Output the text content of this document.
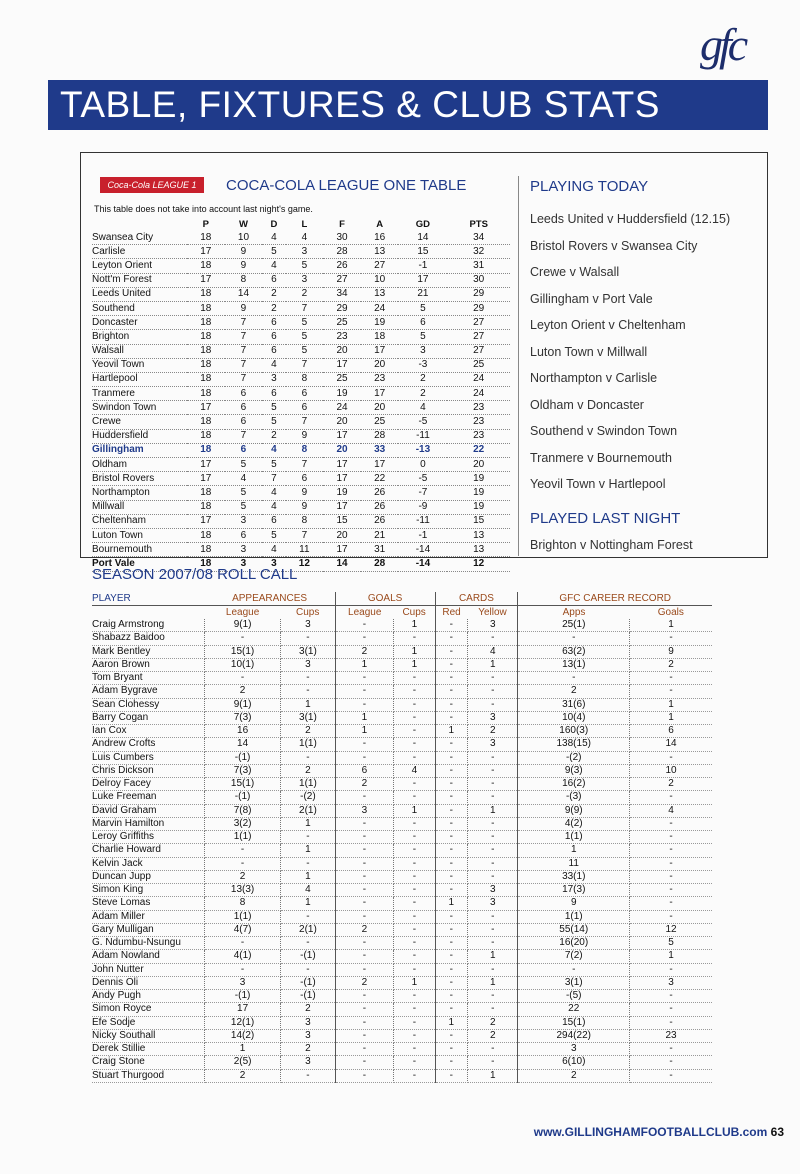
gfc
TABLE, FIXTURES & CLUB STATS
Coca-Cola LEAGUE 1	COCA-COLA LEAGUE ONE TABLE
This table does not take into account last night's game.
	P	W	D	L	F	A	GD	PTS
Swansea City	18	10	4	4	30	16	14	34
Carlisle	17	9	5	3	28	13	15	32
Leyton Orient	18	9	4	5	26	27	-1	31
Nott'm Forest	17	8	6	3	27	10	17	30
Leeds United	18	14	2	2	34	13	21	29
Southend	18	9	2	7	29	24	5	29
Doncaster	18	7	6	5	25	19	6	27
Brighton	18	7	6	5	23	18	5	27
Walsall	18	7	6	5	20	17	3	27
Yeovil Town	18	7	4	7	17	20	-3	25
Hartlepool	18	7	3	8	25	23	2	24
Tranmere	18	6	6	6	19	17	2	24
Swindon Town	17	6	5	6	24	20	4	23
Crewe	18	6	5	7	20	25	-5	23
Huddersfield	18	7	2	9	17	28	-11	23
Gillingham	18	6	4	8	20	33	-13	22
Oldham	17	5	5	7	17	17	0	20
Bristol Rovers	17	4	7	6	17	22	-5	19
Northampton	18	5	4	9	19	26	-7	19
Millwall	18	5	4	9	17	26	-9	19
Cheltenham	17	3	6	8	15	26	-11	15
Luton Town	18	6	5	7	20	21	-1	13
Bournemouth	18	3	4	11	17	31	-14	13
Port Vale	18	3	3	12	14	28	-14	12
PLAYING TODAY
Leeds United v Huddersfield (12.15)
Bristol Rovers v Swansea City
Crewe v Walsall
Gillingham v Port Vale
Leyton Orient v Cheltenham
Luton Town v Millwall
Northampton v Carlisle
Oldham v Doncaster
Southend v Swindon Town
Tranmere v Bournemouth
Yeovil Town v Hartlepool
PLAYED LAST NIGHT
Brighton v Nottingham Forest
SEASON 2007/08 ROLL CALL
PLAYER	APPEARANCES		GOALS		CARDS		GFC CAREER RECORD	
	League	Cups	League	Cups	Red	Yellow	Apps	Goals
Craig Armstrong	9(1)	3	-	1	-	3	25(1)	1
Shabazz Baidoo	-	-	-	-	-	-	-	-
Mark Bentley	15(1)	3(1)	2	1	-	4	63(2)	9
Aaron Brown	10(1)	3	1	1	-	1	13(1)	2
Tom Bryant	-	-	-	-	-	-	-	-
Adam Bygrave	2	-	-	-	-	-	2	-
Sean Clohessy	9(1)	1	-	-	-	-	31(6)	1
Barry Cogan	7(3)	3(1)	1	-	-	3	10(4)	1
Ian Cox	16	2	1	-	1	2	160(3)	6
Andrew Crofts	14	1(1)	-	-	-	3	138(15)	14
Luis Cumbers	-(1)	-	-	-	-	-	-(2)	-
Chris Dickson	7(3)	2	6	4	-	-	9(3)	10
Delroy Facey	15(1)	1(1)	2	-	-	-	16(2)	2
Luke Freeman	-(1)	-(2)	-	-	-	-	-(3)	-
David Graham	7(8)	2(1)	3	1	-	1	9(9)	4
Marvin Hamilton	3(2)	1	-	-	-	-	4(2)	-
Leroy Griffiths	1(1)	-	-	-	-	-	1(1)	-
Charlie Howard	-	1	-	-	-	-	1	-
Kelvin Jack	-	-	-	-	-	-	11	-
Duncan Jupp	2	1	-	-	-	-	33(1)	-
Simon King	13(3)	4	-	-	-	3	17(3)	-
Steve Lomas	8	1	-	-	1	3	9	-
Adam Miller	1(1)	-	-	-	-	-	1(1)	-
Gary Mulligan	4(7)	2(1)	2	-	-	-	55(14)	12
G. Ndumbu-Nsungu	-	-	-	-	-	-	16(20)	5
Adam Nowland	4(1)	-(1)	-	-	-	1	7(2)	1
John Nutter	-	-	-	-	-	-	-	-
Dennis Oli	3	-(1)	2	1	-	1	3(1)	3
Andy Pugh	-(1)	-(1)	-	-	-	-	-(5)	-
Simon Royce	17	2	-	-	-	-	22	-
Efe Sodje	12(1)	3	-	-	1	2	15(1)	-
Nicky Southall	14(2)	3	-	-	-	2	294(22)	23
Derek Stillie	1	2	-	-	-	-	3	-
Craig Stone	2(5)	3	-	-	-	-	6(10)	-
Stuart Thurgood	2	-	-	-	-	1	2	-
www.GILLINGHAMFOOTBALLCLUB.com 63
